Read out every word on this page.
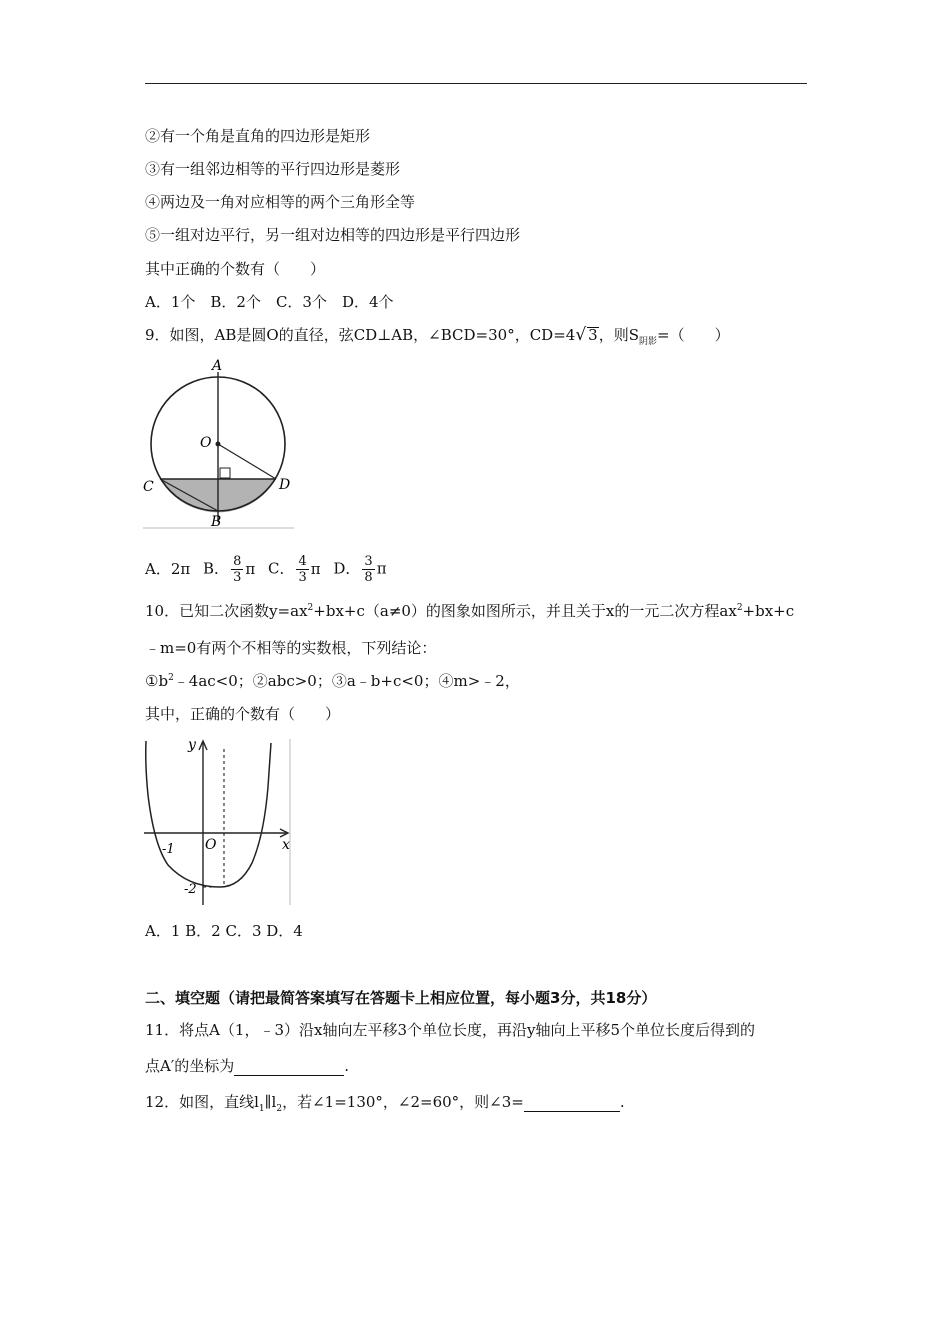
②有一个角是直角的四边形是矩形
③有一组邻边相等的平行四边形是菱形
④两边及一角对应相等的两个三角形全等
⑤一组对边平行，另一组对边相等的四边形是平行四边形
其中正确的个数有（　　）
A．1个　B．2个　C．3个　D．4个
9．如图，AB是圆O的直径，弦CD⊥AB，∠BCD=30°，CD=4√ 3，则$S_{阴影}=$（　　）
A
O
C	D
B
A．2π B． $\frac{8}{3}$ π C． $\frac{4}{3}$ π D． $\frac{3}{8}$ π
10．已知二次函数$y=ax^2+bx+c(a\ne 0)$的图象如图所示，并且关于x的一元二次方程$ax^2+bx+c$
﹣m=0有两个不相等的实数根，下列结论：
$①b^2﹣4ac<0$；②abc>0；③a﹣b+c<0；④m>﹣2，
其中，正确的个数有（　　）
y
x
O
-1
-2
A．1 B．2 C．3 D．4
二、填空题（请把最简答案填写在答题卡上相应位置，每小题3分，共18分）
11．将点A（1，﹣3）沿x轴向左平移3个单位长度，再沿y轴向上平移5个单位长度后得到的
点A′的坐标为	.
12．如图，直线$l_1\parallel l_2$，若∠1=130°，∠2=60°，则∠3=	.
